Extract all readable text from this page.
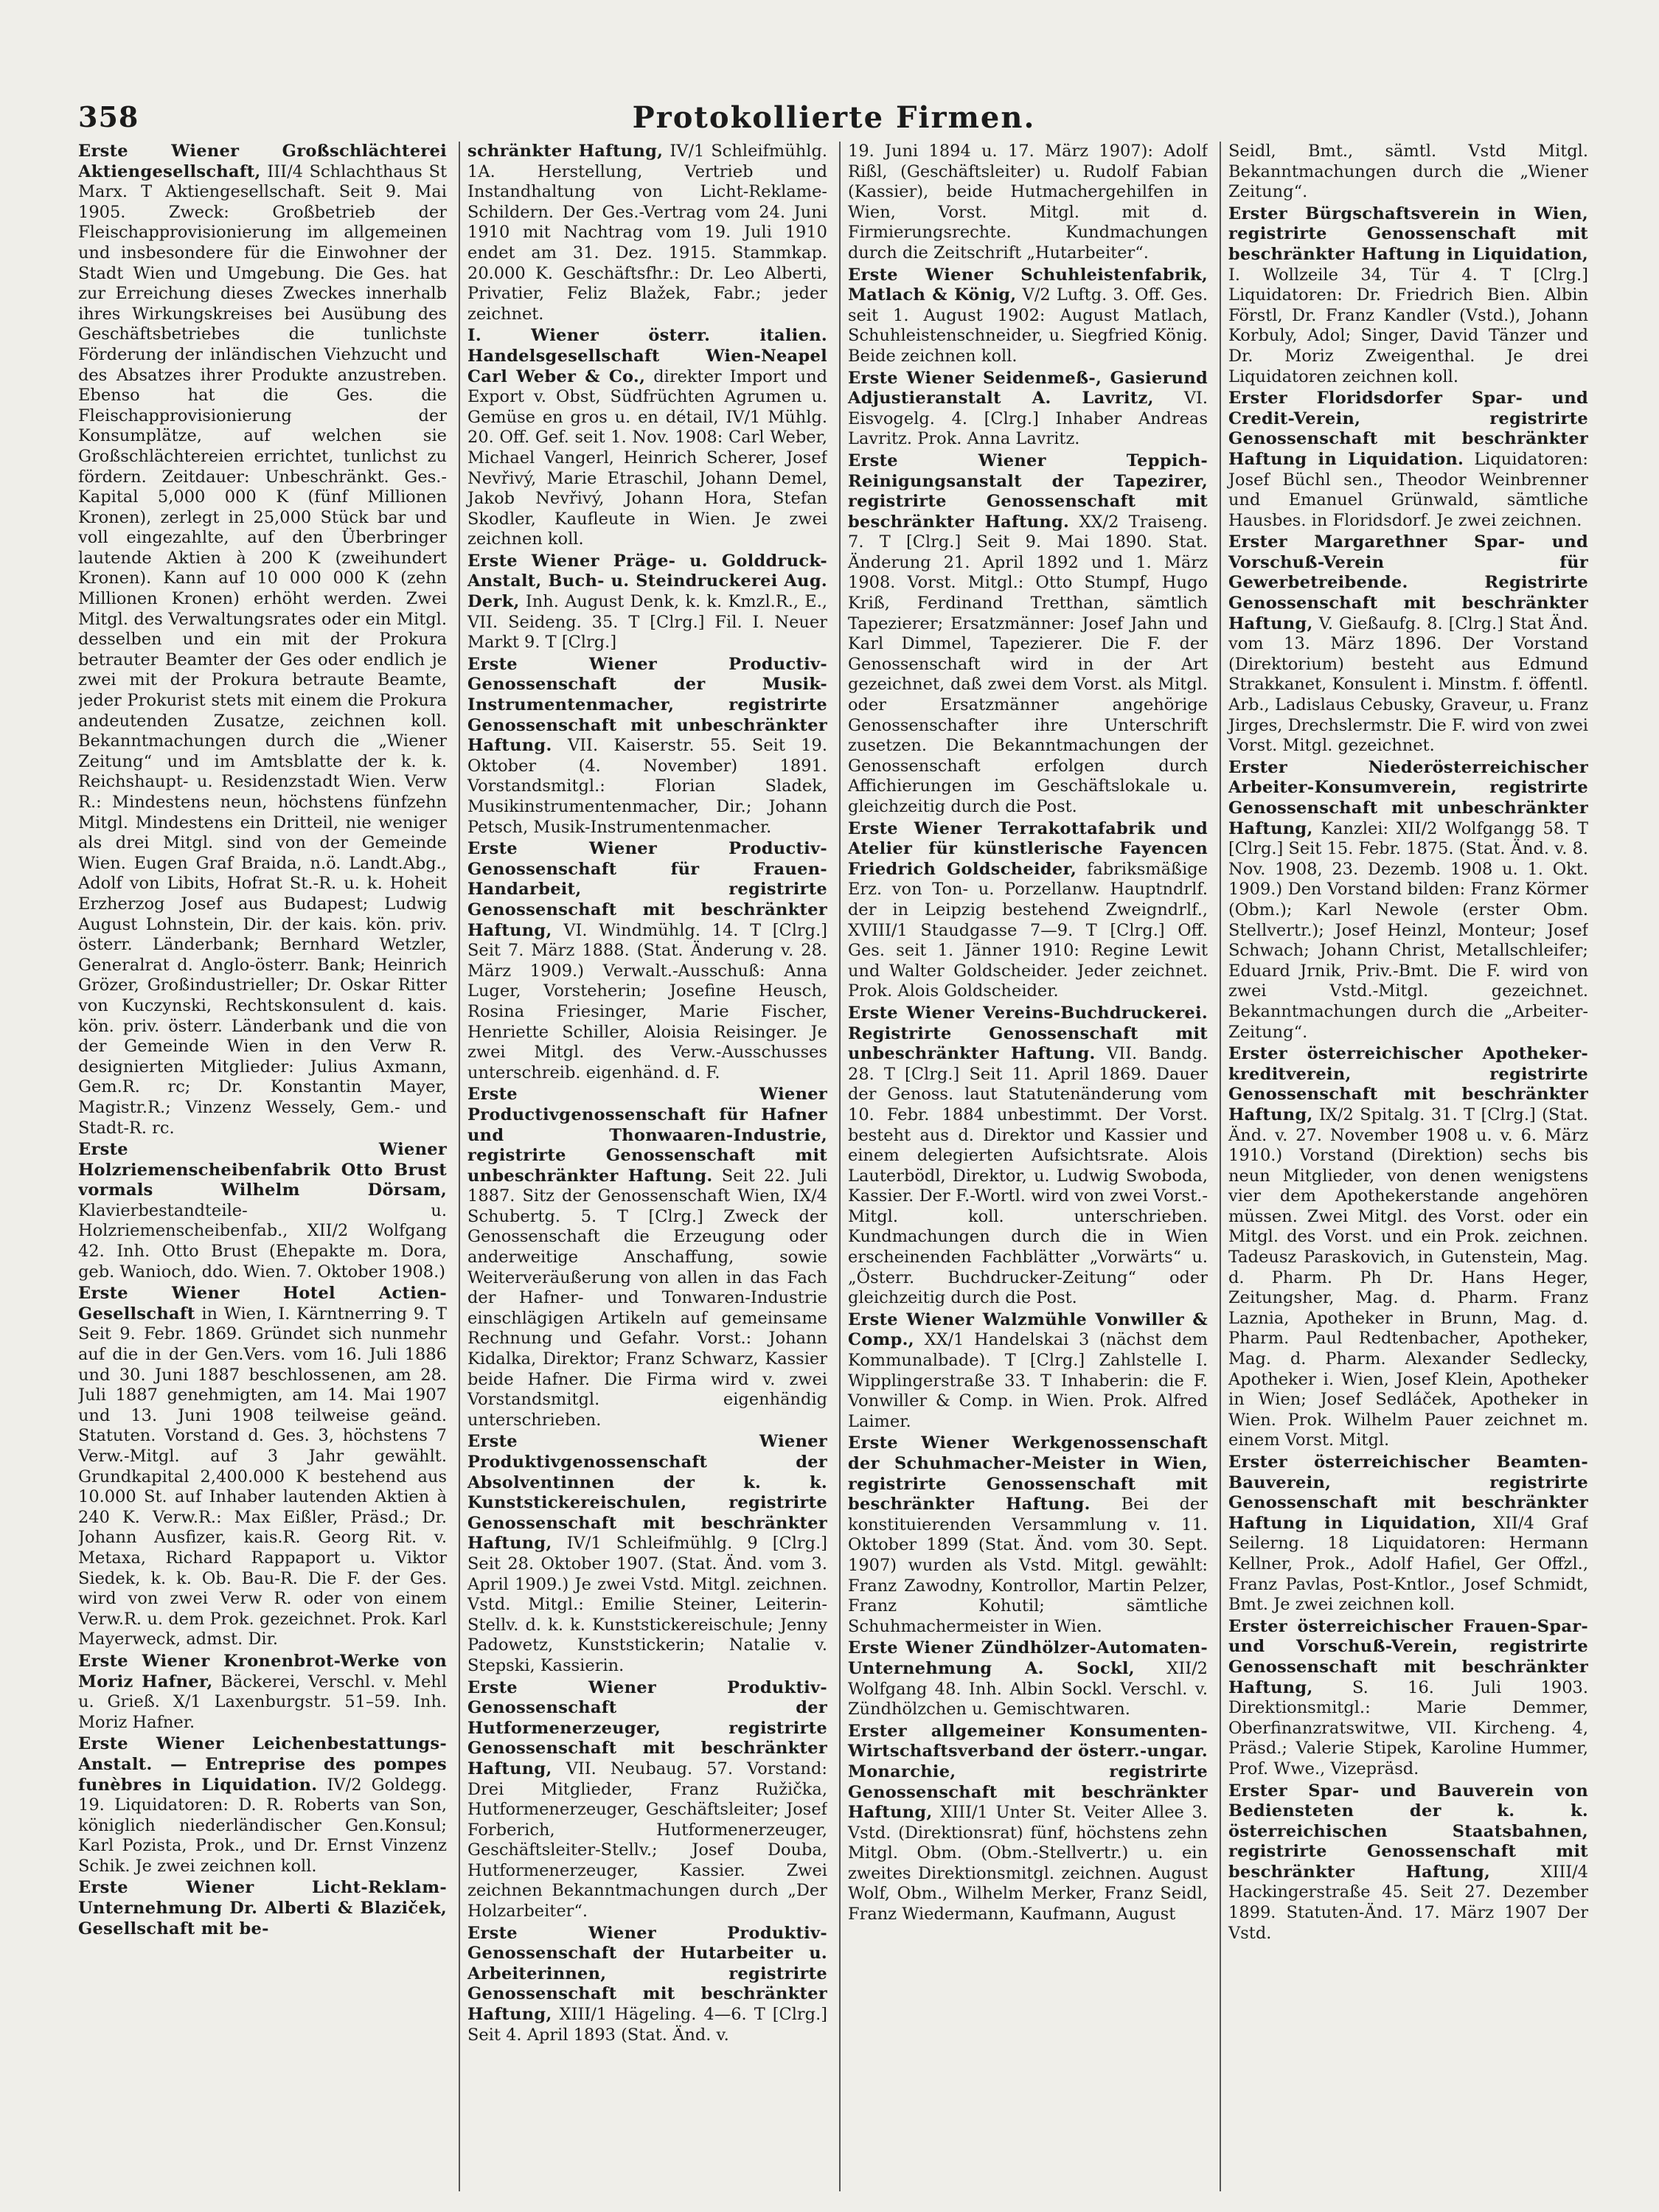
358	Protokollierte Firmen.

Erste Wiener Großschlächterei Aktiengesellschaft, III/4 Schlachthaus St Marx. T Aktiengesellschaft. Seit 9. Mai 1905. Zweck: Großbetrieb der Fleischapprovisionierung im allgemeinen und insbesondere für die Einwohner der Stadt Wien und Umgebung. Die Ges. hat zur Erreichung dieses Zweckes innerhalb ihres Wirkungskreises bei Ausübung des Geschäftsbetriebes die tunlichste Förderung der inländischen Viehzucht und des Absatzes ihrer Produkte anzustreben. Ebenso hat die Ges. die Fleischapprovisionierung der Konsumplätze, auf welchen sie Großschlächtereien errichtet, tunlichst zu fördern. Zeitdauer: Unbeschränkt. Ges.-Kapital 5,000 000 K (fünf Millionen Kronen), zerlegt in 25,000 Stück bar und voll eingezahlte, auf den Überbringer lautende Aktien à 200 K (zweihundert Kronen). Kann auf 10 000 000 K (zehn Millionen Kronen) erhöht werden. Zwei Mitgl. des Verwaltungsrates oder ein Mitgl. desselben und ein mit der Prokura betrauter Beamter der Ges oder endlich je zwei mit der Prokura betraute Beamte, jeder Prokurist stets mit einem die Prokura andeutenden Zusatze, zeichnen koll. Bekanntmachungen durch die „Wiener Zeitung“ und im Amtsblatte der k. k. Reichshaupt- u. Residenzstadt Wien. Verw R.: Mindestens neun, höchstens fünfzehn Mitgl. Mindestens ein Dritteil, nie weniger als drei Mitgl. sind von der Gemeinde Wien. Eugen Graf Braida, n.ö. Landt.Abg., Adolf von Libits, Hofrat St.-R. u. k. Hoheit Erzherzog Josef aus Budapest; Ludwig August Lohnstein, Dir. der kais. kön. priv. österr. Länderbank; Bernhard Wetzler, Generalrat d. Anglo-österr. Bank; Heinrich Grözer, Großindustrieller; Dr. Oskar Ritter von Kuczynski, Rechtskonsulent d. kais. kön. priv. österr. Länderbank und die von der Gemeinde Wien in den Verw R. designierten Mitglieder: Julius Axmann, Gem.R. rc; Dr. Konstantin Mayer, Magistr.R.; Vinzenz Wessely, Gem.- und Stadt-R. rc.

Erste Wiener Holzriemenscheibenfabrik Otto Brust vormals Wilhelm Dörsam, Klavierbestandteile- u. Holzriemenscheibenfab., XII/2 Wolfgang 42. Inh. Otto Brust (Ehepakte m. Dora, geb. Wanioch, ddo. Wien. 7. Oktober 1908.)

Erste Wiener Hotel Actien-Gesellschaft in Wien, I. Kärntnerring 9. T Seit 9. Febr. 1869. Gründet sich nunmehr auf die in der Gen.Vers. vom 16. Juli 1886 und 30. Juni 1887 beschlossenen, am 28. Juli 1887 genehmigten, am 14. Mai 1907 und 13. Juni 1908 teilweise geänd. Statuten. Vorstand d. Ges. 3, höchstens 7 Verw.-Mitgl. auf 3 Jahr gewählt. Grundkapital 2,400.000 K bestehend aus 10.000 St. auf Inhaber lautenden Aktien à 240 K. Verw.R.: Max Eißler, Präsd.; Dr. Johann Ausfizer, kais.R. Georg Rit. v. Metaxa, Richard Rappaport u. Viktor Siedek, k. k. Ob. Bau-R. Die F. der Ges. wird von zwei Verw R. oder von einem Verw.R. u. dem Prok. gezeichnet. Prok. Karl Mayerweck, admst. Dir.

Erste Wiener Kronenbrot-Werke von Moriz Hafner, Bäckerei, Verschl. v. Mehl u. Grieß. X/1 Laxenburgstr. 51–59. Inh. Moriz Hafner.

Erste Wiener Leichenbestattungs-Anstalt. — Entreprise des pompes funèbres in Liquidation. IV/2 Goldegg. 19. Liquidatoren: D. R. Roberts van Son, königlich niederländischer Gen.Konsul; Karl Pozista, Prok., und Dr. Ernst Vinzenz Schik. Je zwei zeichnen koll.

Erste Wiener Licht-Reklam-Unternehmung Dr. Alberti & Blaziček, Gesellschaft mit be-

schränkter Haftung, IV/1 Schleifmühlg. 1A. Herstellung, Vertrieb und Instandhaltung von Licht-Reklame-Schildern. Der Ges.-Vertrag vom 24. Juni 1910 mit Nachtrag vom 19. Juli 1910 endet am 31. Dez. 1915. Stammkap. 20.000 K. Geschäftsfhr.: Dr. Leo Alberti, Privatier, Feliz Blažek, Fabr.; jeder zeichnet.

I. Wiener österr. italien. Handelsgesellschaft Wien-Neapel Carl Weber & Co., direkter Import und Export v. Obst, Südfrüchten Agrumen u. Gemüse en gros u. en détail, IV/1 Mühlg. 20. Off. Gef. seit 1. Nov. 1908: Carl Weber, Michael Vangerl, Heinrich Scherer, Josef Nevřivý, Marie Etraschil, Johann Demel, Jakob Nevřivý, Johann Hora, Stefan Skodler, Kaufleute in Wien. Je zwei zeichnen koll.

Erste Wiener Präge- u. Golddruck-Anstalt, Buch- u. Steindruckerei Aug. Derk, Inh. August Denk, k. k. Kmzl.R., E., VII. Seideng. 35. T [Clrg.] Fil. I. Neuer Markt 9. T [Clrg.]

Erste Wiener Productiv-Genossenschaft der Musik-Instrumentenmacher, registrirte Genossenschaft mit unbeschränkter Haftung. VII. Kaiserstr. 55. Seit 19. Oktober (4. November) 1891. Vorstandsmitgl.: Florian Sladek, Musikinstrumentenmacher, Dir.; Johann Petsch, Musik-Instrumentenmacher.

Erste Wiener Productiv-Genossenschaft für Frauen-Handarbeit, registrirte Genossenschaft mit beschränkter Haftung, VI. Windmühlg. 14. T [Clrg.] Seit 7. März 1888. (Stat. Änderung v. 28. März 1909.) Verwalt.-Ausschuß: Anna Luger, Vorsteherin; Josefine Heusch, Rosina Friesinger, Marie Fischer, Henriette Schiller, Aloisia Reisinger. Je zwei Mitgl. des Verw.-Ausschusses unterschreib. eigenhänd. d. F.

Erste Wiener Productivgenossenschaft für Hafner und Thonwaaren-Industrie, registrirte Genossenschaft mit unbeschränkter Haftung. Seit 22. Juli 1887. Sitz der Genossenschaft Wien, IX/4 Schubertg. 5. T [Clrg.] Zweck der Genossenschaft die Erzeugung oder anderweitige Anschaffung, sowie Weiterveräußerung von allen in das Fach der Hafner- und Tonwaren-Industrie einschlägigen Artikeln auf gemeinsame Rechnung und Gefahr. Vorst.: Johann Kidalka, Direktor; Franz Schwarz, Kassier beide Hafner. Die Firma wird v. zwei Vorstandsmitgl. eigenhändig unterschrieben.

Erste Wiener Produktivgenossenschaft der Absolventinnen der k. k. Kunststickereischulen, registrirte Genossenschaft mit beschränkter Haftung, IV/1 Schleifmühlg. 9 [Clrg.] Seit 28. Oktober 1907. (Stat. Änd. vom 3. April 1909.) Je zwei Vstd. Mitgl. zeichnen. Vstd. Mitgl.: Emilie Steiner, Leiterin-Stellv. d. k. k. Kunststickereischule; Jenny Padowetz, Kunststickerin; Natalie v. Stepski, Kassierin.

Erste Wiener Produktiv-Genossenschaft der Hutformenerzeuger, registrirte Genossenschaft mit beschränkter Haftung, VII. Neubaug. 57. Vorstand: Drei Mitglieder, Franz Ružička, Hutformenerzeuger, Geschäftsleiter; Josef Forberich, Hutformenerzeuger, Geschäftsleiter-Stellv.; Josef Douba, Hutformenerzeuger, Kassier. Zwei zeichnen Bekanntmachungen durch „Der Holzarbeiter“.

Erste Wiener Produktiv-Genossenschaft der Hutarbeiter u. Arbeiterinnen, registrirte Genossenschaft mit beschränkter Haftung, XIII/1 Hägeling. 4—6. T [Clrg.] Seit 4. April 1893 (Stat. Änd. v.

19. Juni 1894 u. 17. März 1907): Adolf Rißl, (Geschäftsleiter) u. Rudolf Fabian (Kassier), beide Hutmachergehilfen in Wien, Vorst. Mitgl. mit d. Firmierungsrechte. Kundmachungen durch die Zeitschrift „Hutarbeiter“.

Erste Wiener Schuhleistenfabrik, Matlach & König, V/2 Luftg. 3. Off. Ges. seit 1. August 1902: August Matlach, Schuhleistenschneider, u. Siegfried König. Beide zeichnen koll.

Erste Wiener Seidenmeß-, Gasierund Adjustieranstalt A. Lavritz, VI. Eisvogelg. 4. [Clrg.] Inhaber Andreas Lavritz. Prok. Anna Lavritz.

Erste Wiener Teppich-Reinigungsanstalt der Tapezirer, registrirte Genossenschaft mit beschränkter Haftung. XX/2 Traiseng. 7. T [Clrg.] Seit 9. Mai 1890. Stat. Änderung 21. April 1892 und 1. März 1908. Vorst. Mitgl.: Otto Stumpf, Hugo Kriß, Ferdinand Tretthan, sämtlich Tapezierer; Ersatzmänner: Josef Jahn und Karl Dimmel, Tapezierer. Die F. der Genossenschaft wird in der Art gezeichnet, daß zwei dem Vorst. als Mitgl. oder Ersatzmänner angehörige Genossenschafter ihre Unterschrift zusetzen. Die Bekanntmachungen der Genossenschaft erfolgen durch Affichierungen im Geschäftslokale u. gleichzeitig durch die Post.

Erste Wiener Terrakottafabrik und Atelier für künstlerische Fayencen Friedrich Goldscheider, fabriksmäßige Erz. von Ton- u. Porzellanw. Hauptndrlf. der in Leipzig bestehend Zweigndrlf., XVIII/1 Staudgasse 7—9. T [Clrg.] Off. Ges. seit 1. Jänner 1910: Regine Lewit und Walter Goldscheider. Jeder zeichnet. Prok. Alois Goldscheider.

Erste Wiener Vereins-Buchdruckerei. Registrirte Genossenschaft mit unbeschränkter Haftung. VII. Bandg. 28. T [Clrg.] Seit 11. April 1869. Dauer der Genoss. laut Statutenänderung vom 10. Febr. 1884 unbestimmt. Der Vorst. besteht aus d. Direktor und Kassier und einem delegierten Aufsichtsrate. Alois Lauterbödl, Direktor, u. Ludwig Swoboda, Kassier. Der F.-Wortl. wird von zwei Vorst.-Mitgl. koll. unterschrieben. Kundmachungen durch die in Wien erscheinenden Fachblätter „Vorwärts“ u. „Österr. Buchdrucker-Zeitung“ oder gleichzeitig durch die Post.

Erste Wiener Walzmühle Vonwiller & Comp., XX/1 Handelskai 3 (nächst dem Kommunalbade). T [Clrg.] Zahlstelle I. Wipplingerstraße 33. T Inhaberin: die F. Vonwiller & Comp. in Wien. Prok. Alfred Laimer.

Erste Wiener Werkgenossenschaft der Schuhmacher-Meister in Wien, registrirte Genossenschaft mit beschränkter Haftung. Bei der konstituierenden Versammlung v. 11. Oktober 1899 (Stat. Änd. vom 30. Sept. 1907) wurden als Vstd. Mitgl. gewählt: Franz Zawodny, Kontrollor, Martin Pelzer, Franz Kohutil; sämtliche Schuhmachermeister in Wien.

Erste Wiener Zündhölzer-Automaten-Unternehmung A. Sockl, XII/2 Wolfgang 48. Inh. Albin Sockl. Verschl. v. Zündhölzchen u. Gemischtwaren.

Erster allgemeiner Konsumenten-Wirtschaftsverband der österr.-ungar. Monarchie, registrirte Genossenschaft mit beschränkter Haftung, XIII/1 Unter St. Veiter Allee 3. Vstd. (Direktionsrat) fünf, höchstens zehn Mitgl. Obm. (Obm.-Stellvertr.) u. ein zweites Direktionsmitgl. zeichnen. August Wolf, Obm., Wilhelm Merker, Franz Seidl, Franz Wiedermann, Kaufmann, August

Seidl, Bmt., sämtl. Vstd Mitgl. Bekanntmachungen durch die „Wiener Zeitung“.

Erster Bürgschaftsverein in Wien, registrirte Genossenschaft mit beschränkter Haftung in Liquidation, I. Wollzeile 34, Tür 4. T [Clrg.] Liquidatoren: Dr. Friedrich Bien. Albin Förstl, Dr. Franz Kandler (Vstd.), Johann Korbuly, Adol; Singer, David Tänzer und Dr. Moriz Zweigenthal. Je drei Liquidatoren zeichnen koll.

Erster Floridsdorfer Spar- und Credit-Verein, registrirte Genossenschaft mit beschränkter Haftung in Liquidation. Liquidatoren: Josef Büchl sen., Theodor Weinbrenner und Emanuel Grünwald, sämtliche Hausbes. in Floridsdorf. Je zwei zeichnen.

Erster Margarethner Spar- und Vorschuß-Verein für Gewerbetreibende. Registrirte Genossenschaft mit beschränkter Haftung, V. Gießaufg. 8. [Clrg.] Stat Änd. vom 13. März 1896. Der Vorstand (Direktorium) besteht aus Edmund Strakkanet, Konsulent i. Minstm. f. öffentl. Arb., Ladislaus Cebusky, Graveur, u. Franz Jirges, Drechslermstr. Die F. wird von zwei Vorst. Mitgl. gezeichnet.

Erster Niederösterreichischer Arbeiter-Konsumverein, registrirte Genossenschaft mit unbeschränkter Haftung, Kanzlei: XII/2 Wolfgangg 58. T [Clrg.] Seit 15. Febr. 1875. (Stat. Änd. v. 8. Nov. 1908, 23. Dezemb. 1908 u. 1. Okt. 1909.) Den Vorstand bilden: Franz Körmer (Obm.); Karl Newole (erster Obm. Stellvertr.); Josef Heinzl, Monteur; Josef Schwach; Johann Christ, Metallschleifer; Eduard Jrnik, Priv.-Bmt. Die F. wird von zwei Vstd.-Mitgl. gezeichnet. Bekanntmachungen durch die „Arbeiter-Zeitung“.

Erster österreichischer Apotheker-kreditverein, registrirte Genossenschaft mit beschränkter Haftung, IX/2 Spitalg. 31. T [Clrg.] (Stat. Änd. v. 27. November 1908 u. v. 6. März 1910.) Vorstand (Direktion) sechs bis neun Mitglieder, von denen wenigstens vier dem Apothekerstande angehören müssen. Zwei Mitgl. des Vorst. oder ein Mitgl. des Vorst. und ein Prok. zeichnen. Tadeusz Paraskovich, in Gutenstein, Mag. d. Pharm. Ph Dr. Hans Heger, Zeitungsher, Mag. d. Pharm. Franz Laznia, Apotheker in Brunn, Mag. d. Pharm. Paul Redtenbacher, Apotheker, Mag. d. Pharm. Alexander Sedlecky, Apotheker i. Wien, Josef Klein, Apotheker in Wien; Josef Sedláček, Apotheker in Wien. Prok. Wilhelm Pauer zeichnet m. einem Vorst. Mitgl.

Erster österreichischer Beamten-Bauverein, registrirte Genossenschaft mit beschränkter Haftung in Liquidation, XII/4 Graf Seilerng. 18 Liquidatoren: Hermann Kellner, Prok., Adolf Hafiel, Ger Offzl., Franz Pavlas, Post-Kntlor., Josef Schmidt, Bmt. Je zwei zeichnen koll.

Erster österreichischer Frauen-Spar- und Vorschuß-Verein, registrirte Genossenschaft mit beschränkter Haftung, S. 16. Juli 1903. Direktionsmitgl.: Marie Demmer, Oberfinanzratswitwe, VII. Kircheng. 4, Präsd.; Valerie Stipek, Karoline Hummer, Prof. Wwe., Vizepräsd.

Erster Spar- und Bauverein von Bediensteten der k. k. österreichischen Staatsbahnen, registrirte Genossenschaft mit beschränkter Haftung,	XIII/4 Hackingerstraße 45. Seit 27. Dezember 1899. Statuten-Änd. 17. März 1907 Der Vstd.
